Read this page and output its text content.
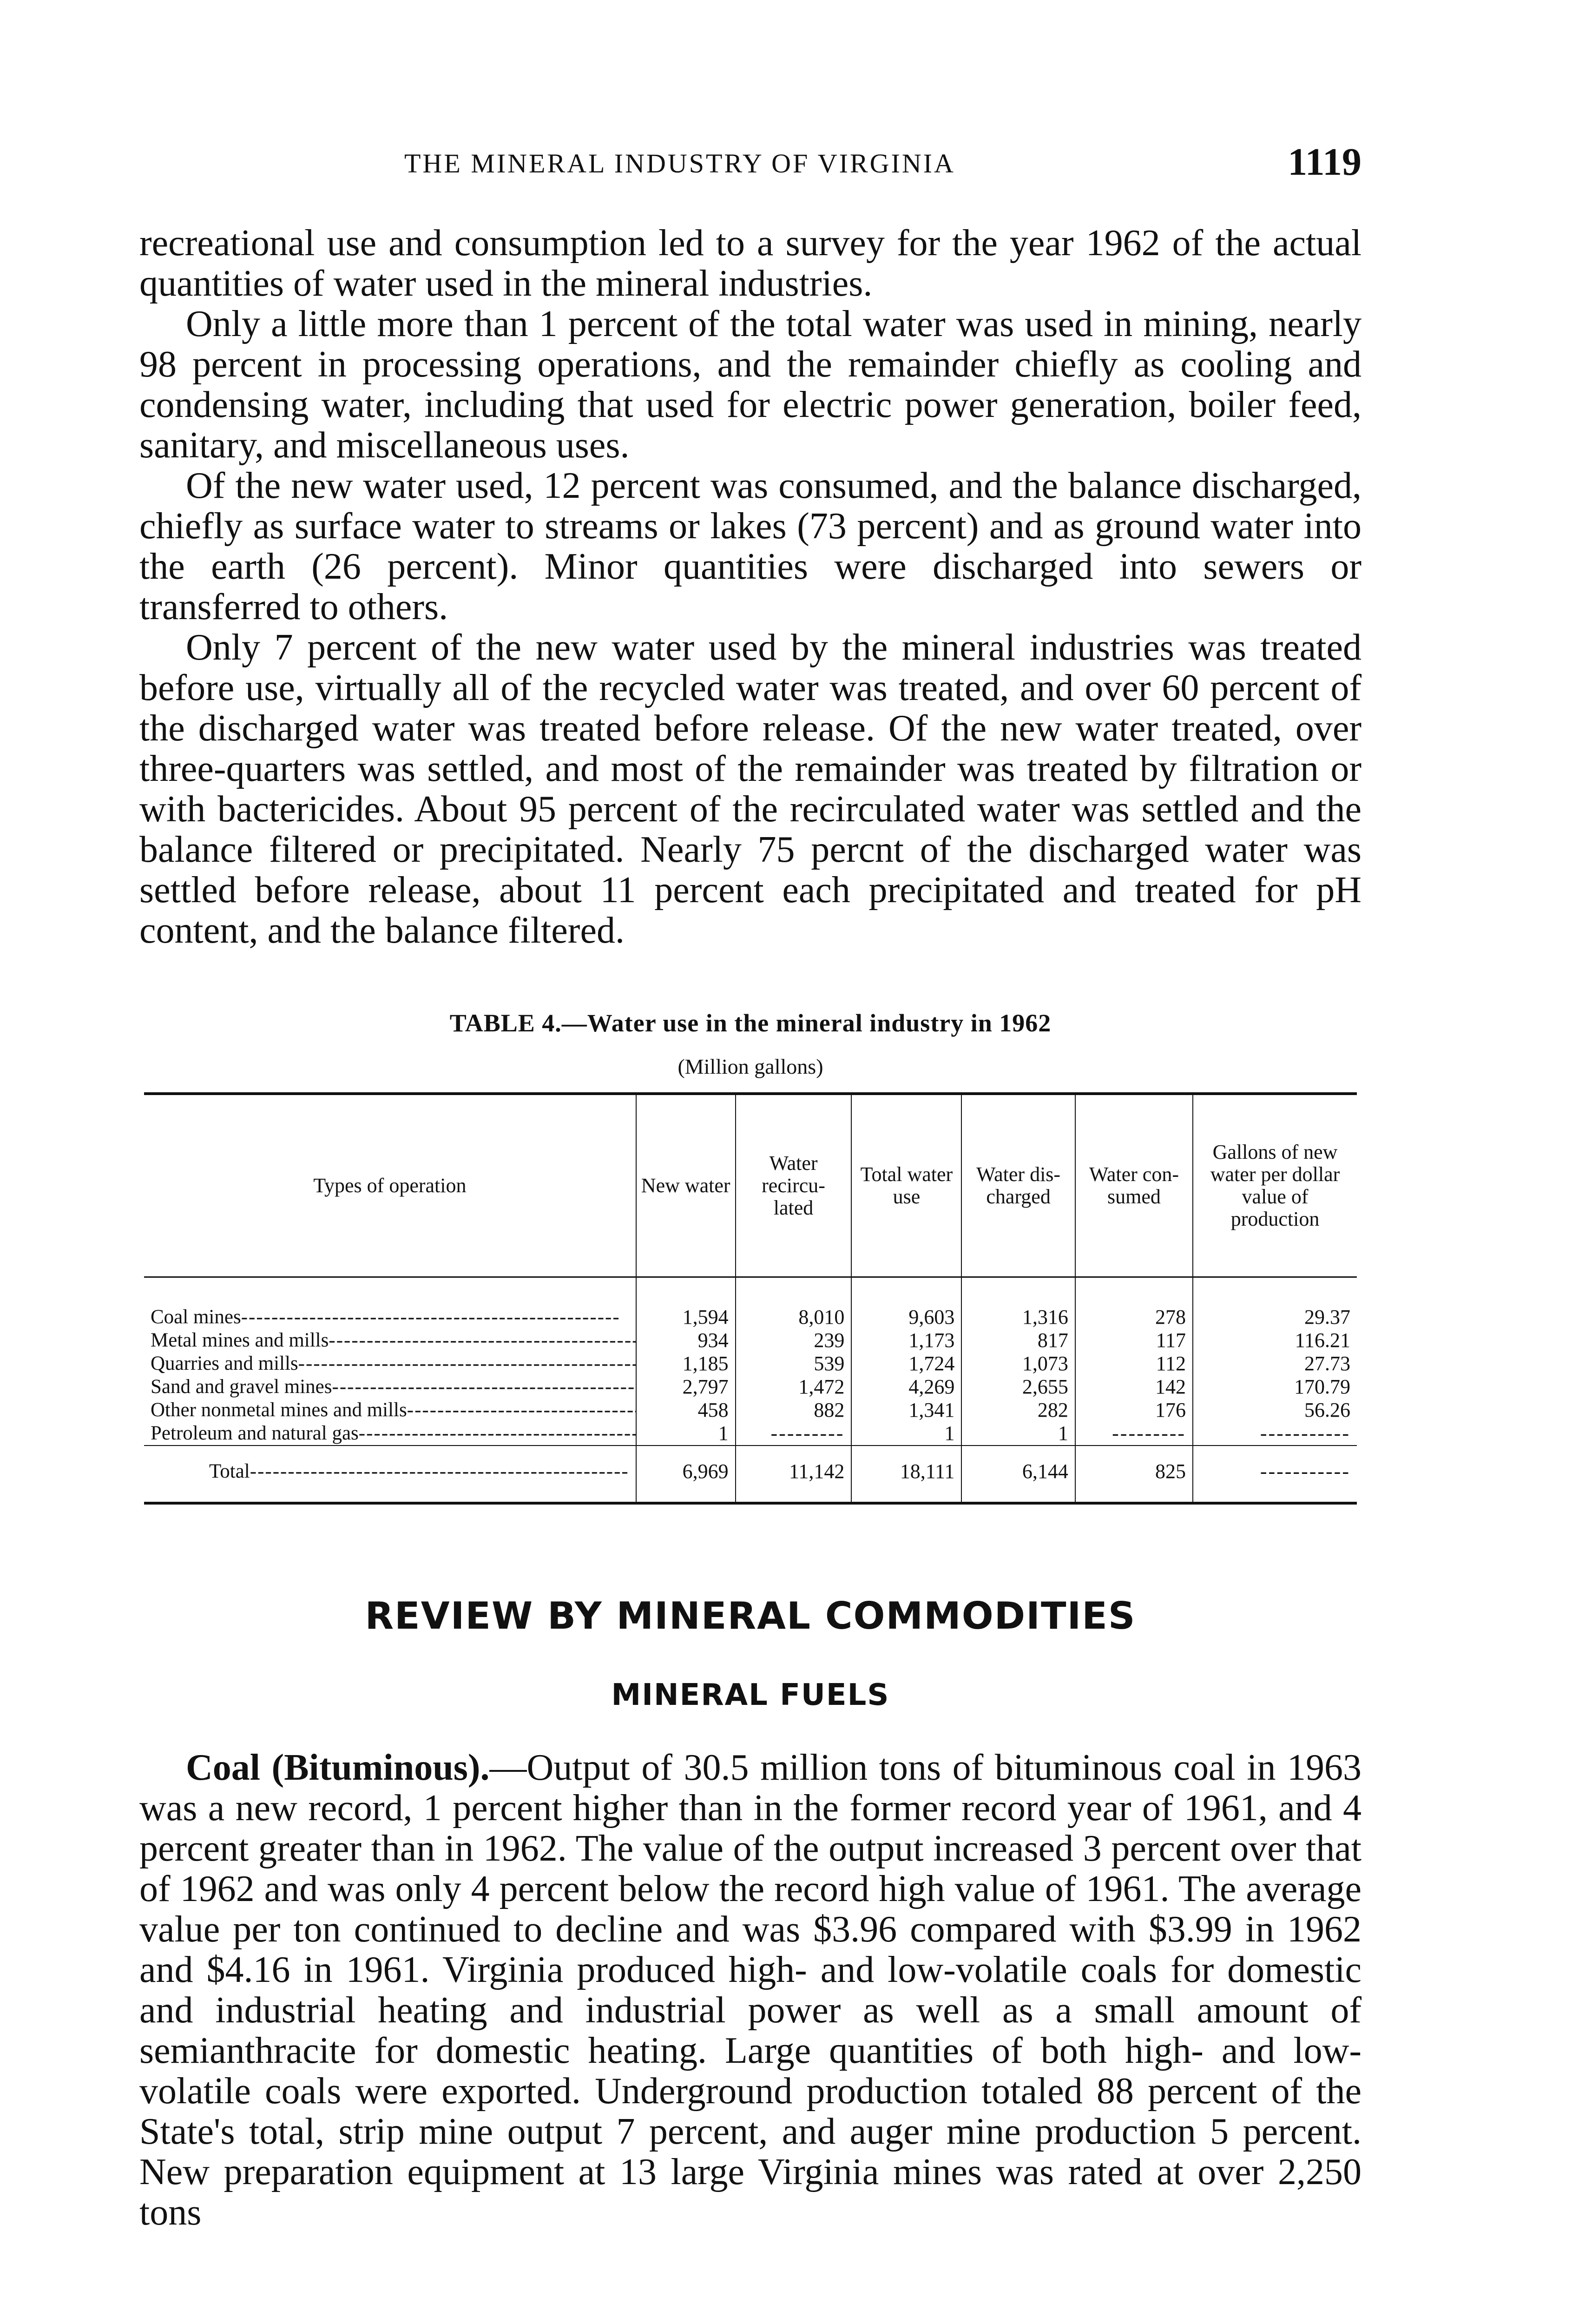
THE MINERAL INDUSTRY OF VIRGINIA	1119

recreational use and consumption led to a survey for the year 1962 of the actual quantities of water used in the mineral industries.

Only a little more than 1 percent of the total water was used in mining, nearly 98 percent in processing operations, and the remainder chiefly as cooling and condensing water, including that used for electric power generation, boiler feed, sanitary, and miscellaneous uses.

Of the new water used, 12 percent was consumed, and the balance discharged, chiefly as surface water to streams or lakes (73 percent) and as ground water into the earth (26 percent). Minor quantities were discharged into sewers or transferred to others.

Only 7 percent of the new water used by the mineral industries was treated before use, virtually all of the recycled water was treated, and over 60 percent of the discharged water was treated before release. Of the new water treated, over three-quarters was settled, and most of the remainder was treated by filtration or with bactericides. About 95 percent of the recirculated water was settled and the balance filtered or precipitated. Nearly 75 percnt of the discharged water was settled before release, about 11 percent each precipitated and treated for pH content, and the balance filtered.

TABLE 4.—Water use in the mineral industry in 1962
(Million gallons)
Types of operation	New water	Water recircu- lated	Total water use	Water dis- charged	Water con- sumed	Gallons of new water per dollar value of production
Coal mines -----	1,594	8,010	9,603	1,316	278	29.37
Metal mines and mills -----	934	239	1,173	817	117	116.21
Quarries and mills -----	1,185	539	1,724	1,073	112	27.73
Sand and gravel mines -----	2,797	1,472	4,269	2,655	142	170.79
Other nonmetal mines and mills -----	458	882	1,341	282	176	56.26
Petroleum and natural gas -----	1	---------	1	1	---------	-----------
Total -----	6,969	11,142	18,111	6,144	825	-----------
REVIEW BY MINERAL COMMODITIES
MINERAL FUELS

Coal (Bituminous).—Output of 30.5 million tons of bituminous coal in 1963 was a new record, 1 percent higher than in the former record year of 1961, and 4 percent greater than in 1962. The value of the output increased 3 percent over that of 1962 and was only 4 percent below the record high value of 1961. The average value per ton continued to decline and was $3.96 compared with $3.99 in 1962 and $4.16 in 1961. Virginia produced high- and low-volatile coals for domestic and industrial heating and industrial power as well as a small amount of semianthracite for domestic heating. Large quantities of both high- and low-volatile coals were exported. Underground production totaled 88 percent of the State's total, strip mine output 7 percent, and auger mine production 5 percent. New preparation equipment at 13 large Virginia mines was rated at over 2,250 tons
